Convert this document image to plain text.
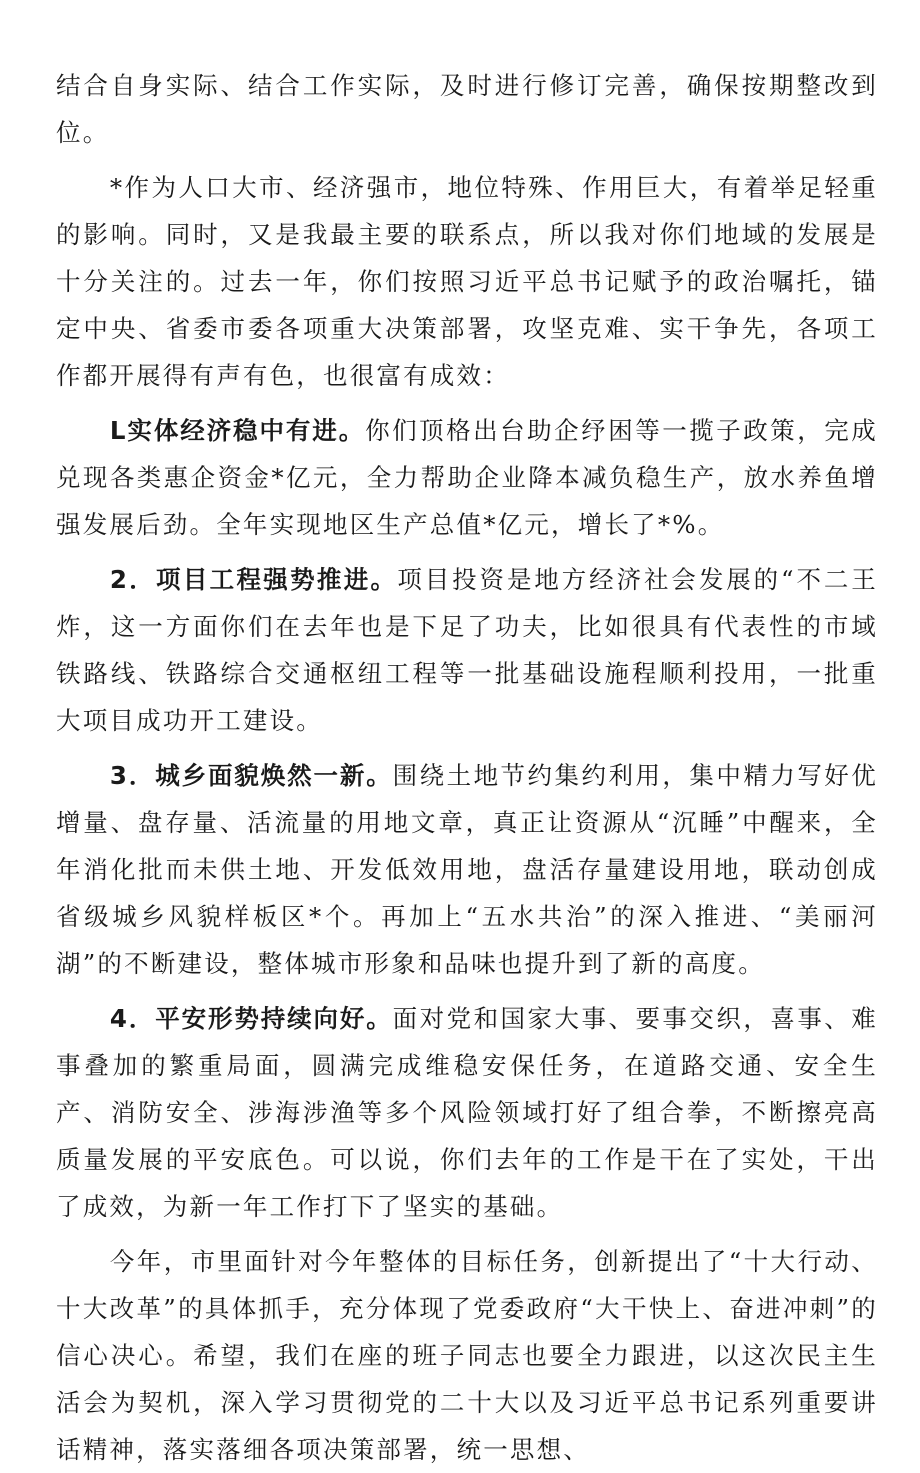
结合自身实际、结合工作实际，及时进行修订完善，确保按期整改到位。

*作为人口大市、经济强市，地位特殊、作用巨大，有着举足轻重的影响。同时，又是我最主要的联系点，所以我对你们地域的发展是十分关注的。过去一年，你们按照习近平总书记赋予的政治嘱托，锚定中央、省委市委各项重大决策部署，攻坚克难、实干争先，各项工作都开展得有声有色，也很富有成效：

L实体经济稳中有进。你们顶格出台助企纾困等一揽子政策，完成兑现各类惠企资金*亿元，全力帮助企业降本减负稳生产，放水养鱼增强发展后劲。全年实现地区生产总值*亿元，增长了*%。

2．项目工程强势推进。项目投资是地方经济社会发展的“不二王炸，这一方面你们在去年也是下足了功夫，比如很具有代表性的市域铁路线、铁路综合交通枢纽工程等一批基础设施程顺利投用，一批重大项目成功开工建设。

3．城乡面貌焕然一新。围绕土地节约集约利用，集中精力写好优增量、盘存量、活流量的用地文章，真正让资源从“沉睡”中醒来，全年消化批而未供土地、开发低效用地，盘活存量建设用地，联动创成省级城乡风貌样板区*个。再加上“五水共治”的深入推进、“美丽河湖”的不断建设，整体城市形象和品味也提升到了新的高度。

4．平安形势持续向好。面对党和国家大事、要事交织，喜事、难事叠加的繁重局面，圆满完成维稳安保任务，在道路交通、安全生产、消防安全、涉海涉渔等多个风险领域打好了组合拳，不断擦亮高质量发展的平安底色。可以说，你们去年的工作是干在了实处，干出了成效，为新一年工作打下了坚实的基础。

今年，市里面针对今年整体的目标任务，创新提出了“十大行动、十大改革”的具体抓手，充分体现了党委政府“大干快上、奋进冲刺”的信心决心。希望，我们在座的班子同志也要全力跟进，以这次民主生活会为契机，深入学习贯彻党的二十大以及习近平总书记系列重要讲话精神，落实落细各项决策部署，统一思想、
